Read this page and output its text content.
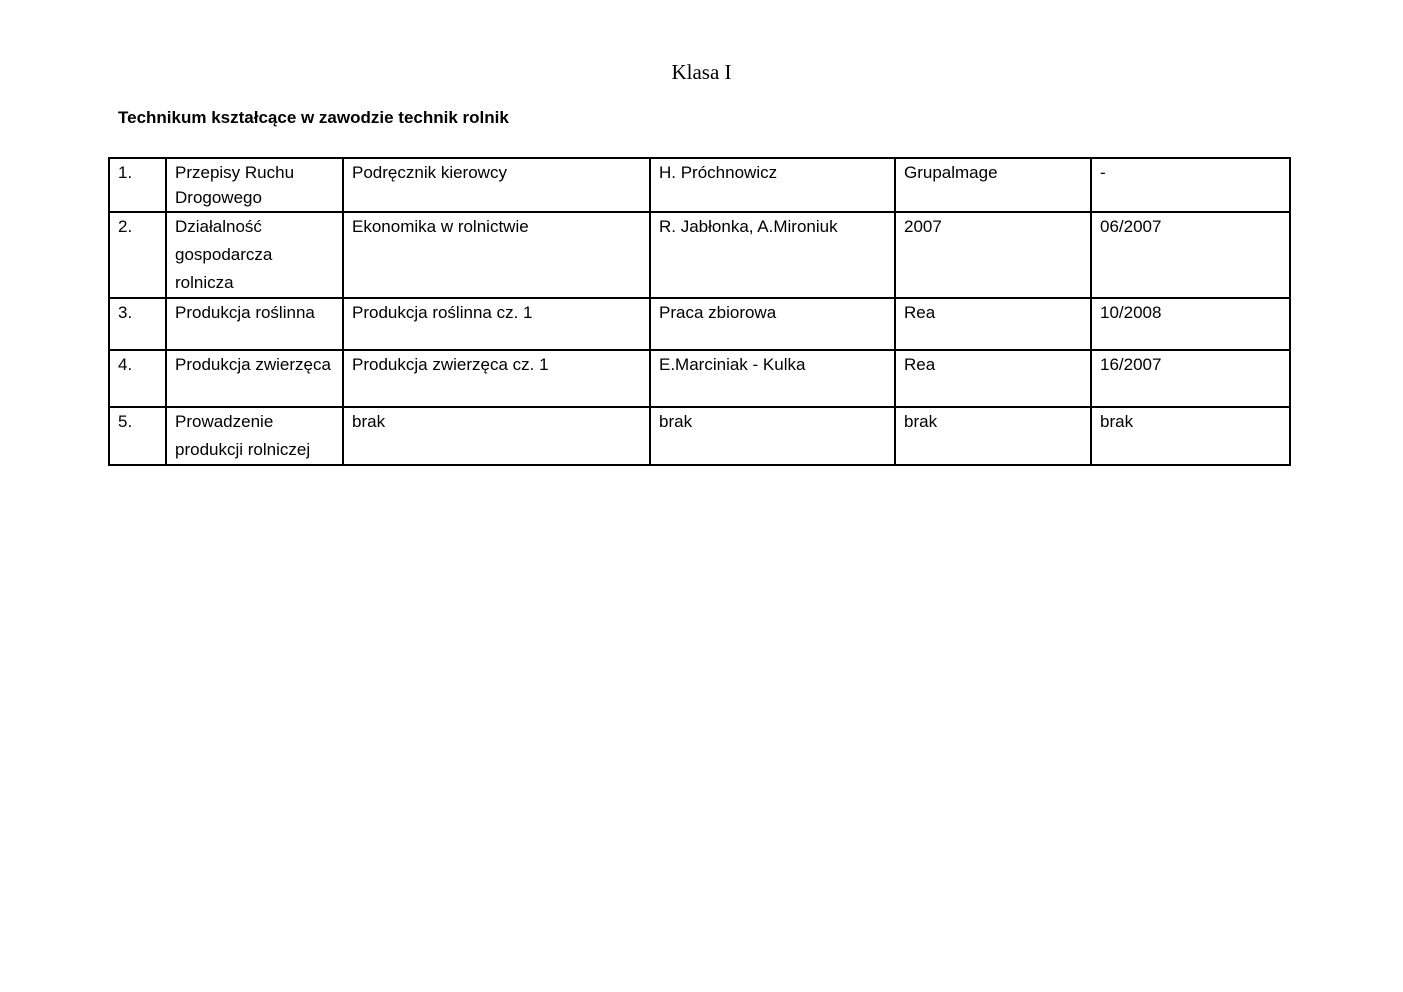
Klasa I
Technikum kształcące w zawodzie technik rolnik
1.	Przepisy Ruchu Drogowego	Podręcznik kierowcy	H. Próchnowicz	Grupalmage	-
2.	Działalność gospodarcza rolnicza	Ekonomika w rolnictwie	R. Jabłonka, A.Mironiuk	2007	06/2007
3.	Produkcja roślinna	Produkcja roślinna cz. 1	Praca zbiorowa	Rea	10/2008
4.	Produkcja zwierzęca	Produkcja zwierzęca cz. 1	E.Marciniak - Kulka	Rea	16/2007
5.	Prowadzenie produkcji rolniczej	brak	brak	brak	brak
